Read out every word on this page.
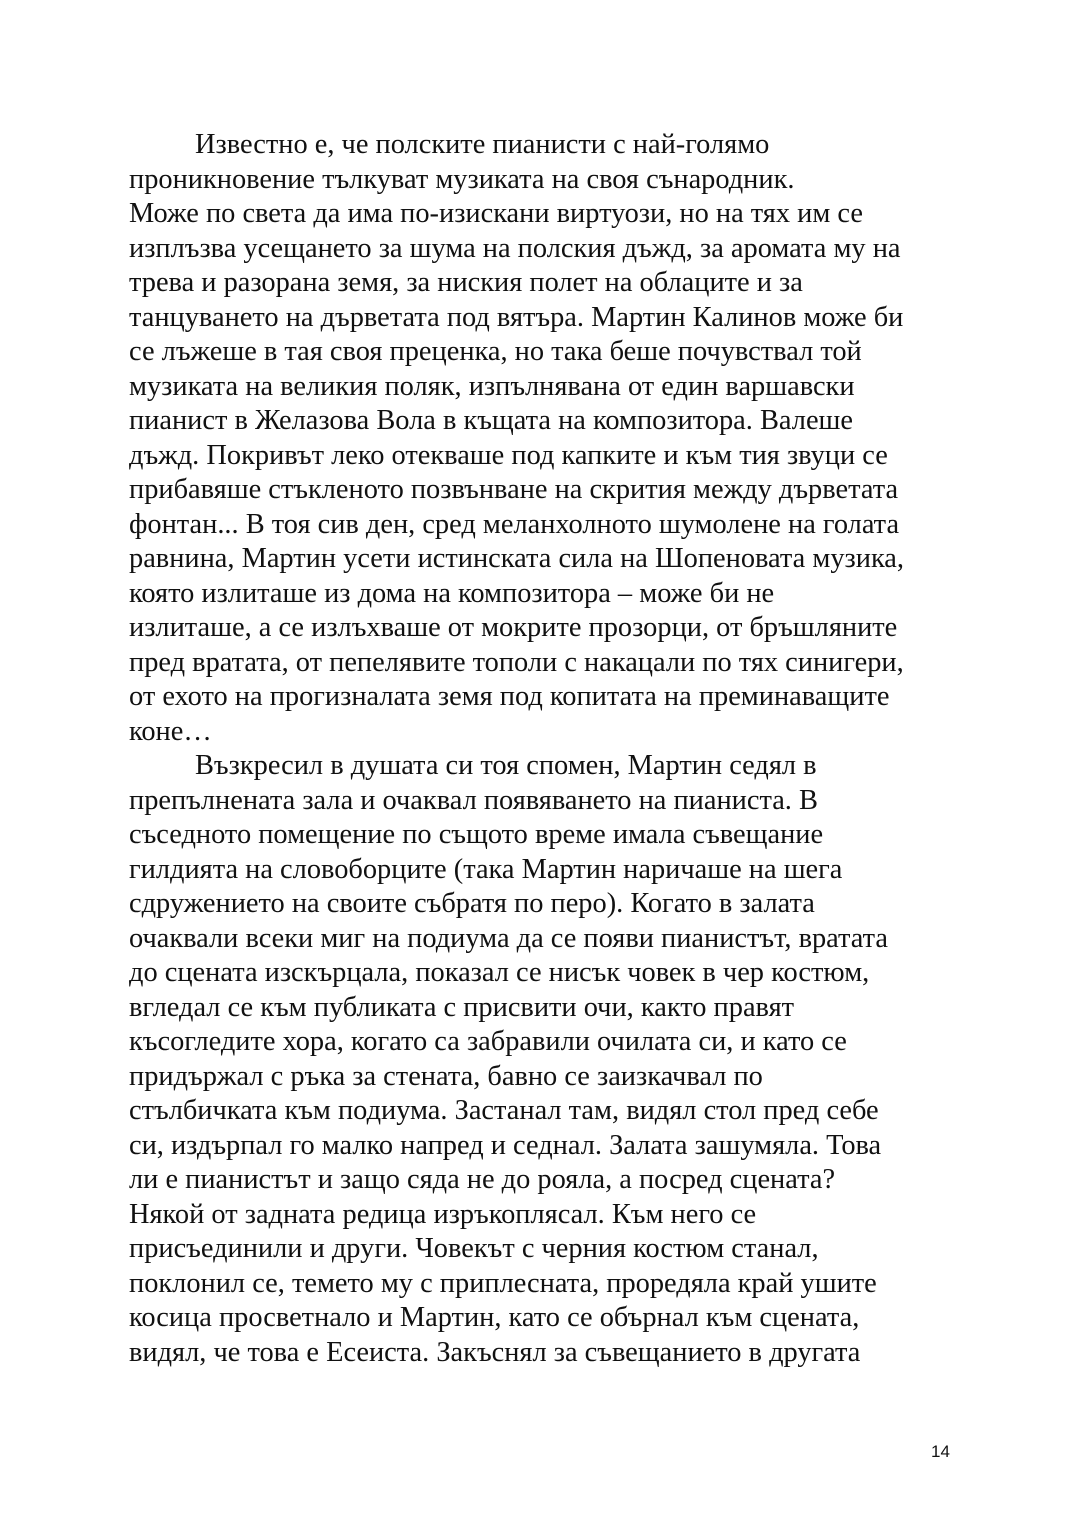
Известно е, че полските пианисти с най-голямо
проникновение тълкуват музиката на своя сънародник.
Може по света да има по-изискани виртуози, но на тях им се
изплъзва усещането за шума на полския дъжд, за аромата му на
трева и разорана земя, за ниския полет на облаците и за
танцуването на дърветата под вятъра. Мартин Калинов може би
се лъжеше в тая своя преценка, но така беше почувствал той
музиката на великия поляк, изпълнявана от един варшавски
пианист в Желазова Вола в къщата на композитора. Валеше
дъжд. Покривът леко отекваше под капките и към тия звуци се
прибавяше стъкленото позвънване на скрития между дърветата
фонтан... В тоя сив ден, сред меланхолното шумолене на голата
равнина, Мартин усети истинската сила на Шопеновата музика,
която излиташе из дома на композитора – може би не
излиташе, а се излъхваше от мокрите прозорци, от бръшляните
пред вратата, от пепелявите тополи с накацали по тях синигери,
от ехото на прогизналата земя под копитата на преминаващите
коне…
Възкресил в душата си тоя спомен, Мартин седял в
препълнената зала и очаквал появяването на пианиста. В
съседното помещение по същото време имала съвещание
гилдията на словоборците (така Мартин наричаше на шега
сдружението на своите събратя по перо). Когато в залата
очаквали всеки миг на подиума да се появи пианистът, вратата
до сцената изскърцала, показал се нисък човек в чер костюм,
вгледал се към публиката с присвити очи, както правят
късогледите хора, когато са забравили очилата си, и като се
придържал с ръка за стената, бавно се заизкачвал по
стълбичката към подиума. Застанал там, видял стол пред себе
си, издърпал го малко напред и седнал. Залата зашумяла. Това
ли е пианистът и защо сяда не до рояла, а посред сцената?
Някой от задната редица изръкоплясал. Към него се
присъединили и други. Човекът с черния костюм станал,
поклонил се, темето му с приплесната, проредяла край ушите
косица просветнало и Мартин, като се обърнал към сцената,
видял, че това е Есеиста. Закъснял за съвещанието в другата
14
